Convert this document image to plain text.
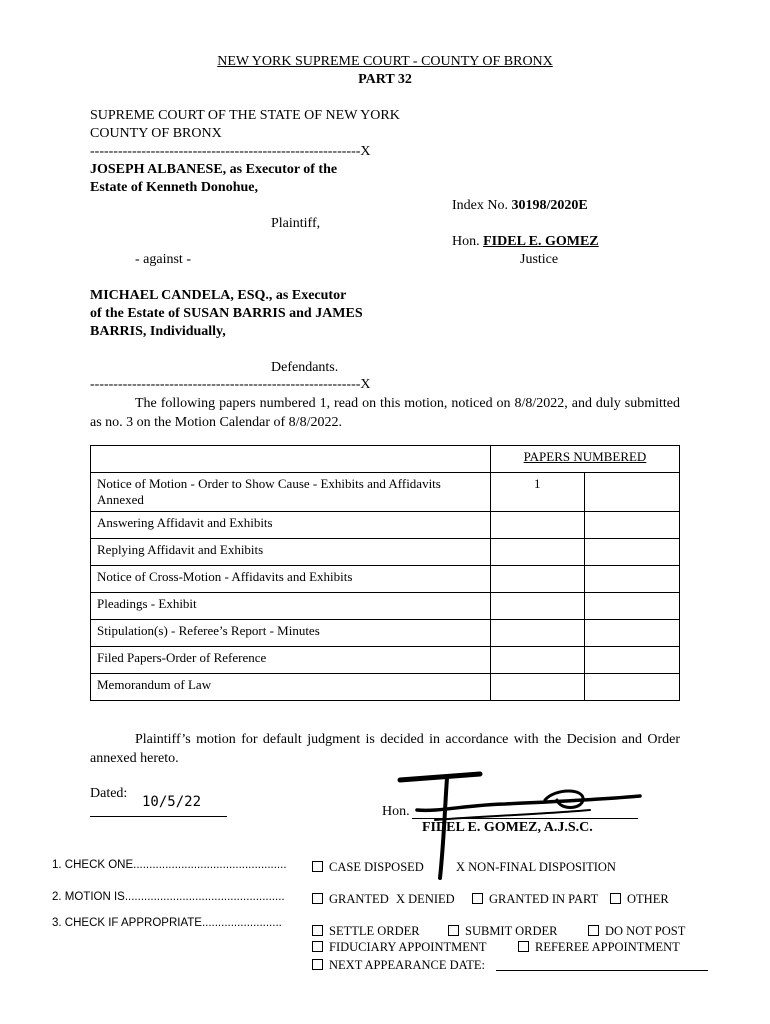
NEW YORK SUPREME COURT - COUNTY OF BRONX
PART 32
SUPREME COURT OF THE STATE OF NEW YORK
COUNTY OF BRONX
----------------------------------------------------------X
JOSEPH ALBANESE, as Executor of the
Estate of Kenneth Donohue,
Plaintiff,
- against -
Index No. 30198/2020E
Hon. FIDEL E. GOMEZ
Justice
MICHAEL CANDELA, ESQ., as Executor
of the Estate of SUSAN BARRIS and JAMES
BARRIS, Individually,
Defendants.
----------------------------------------------------------X
The following papers numbered 1, read on this motion, noticed on 8/8/2022, and duly submitted as no. 3 on the Motion Calendar of 8/8/2022.
	PAPERS NUMBERED	
Notice of Motion - Order to Show Cause - Exhibits and Affidavits Annexed	1	
Answering Affidavit and Exhibits		
Replying Affidavit and Exhibits		
Notice of Cross-Motion - Affidavits and Exhibits		
Pleadings - Exhibit		
Stipulation(s) - Referee’s Report - Minutes		
Filed Papers-Order of Reference		
Memorandum of Law		
Plaintiff’s motion for default judgment is decided in accordance with the Decision and Order annexed hereto.
Dated:
10/5/22
Hon.
FIDEL E. GOMEZ, A.J.S.C.
1. CHECK ONE................................................	CASE DISPOSED	X NON-FINAL DISPOSITION
2. MOTION IS..................................................	GRANTED X DENIED	GRANTED IN PART	OTHER
3. CHECK IF APPROPRIATE.........................
SETTLE ORDER	SUBMIT ORDER	DO NOT POST
FIDUCIARY APPOINTMENT	REFEREE APPOINTMENT
NEXT APPEARANCE DATE:
